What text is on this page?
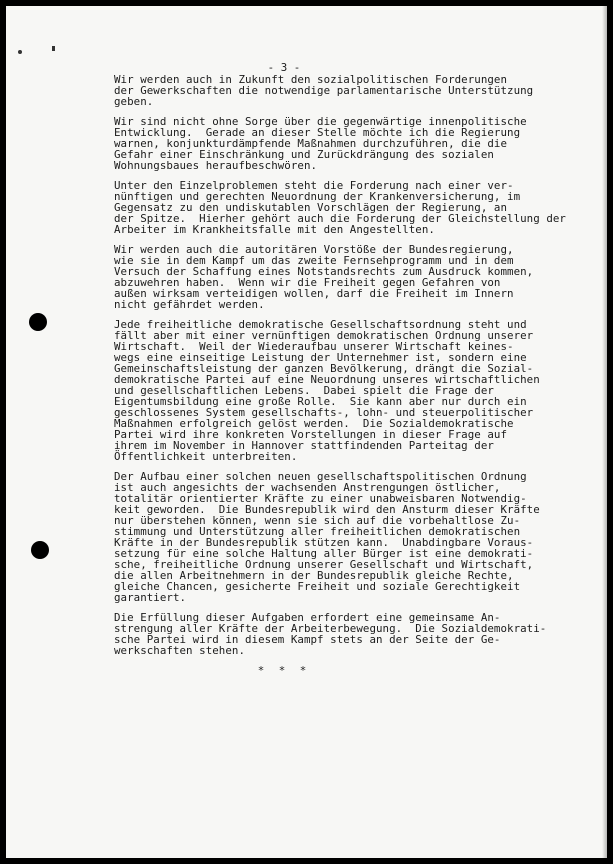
- 3 -

Wir werden auch in Zukunft den sozialpolitischen Forderungen
der Gewerkschaften die notwendige parlamentarische Unterstützung
geben.

Wir sind nicht ohne Sorge über die gegenwärtige innenpolitische
Entwicklung.  Gerade an dieser Stelle möchte ich die Regierung
warnen, konjunkturdämpfende Maßnahmen durchzuführen, die die
Gefahr einer Einschränkung und Zurückdrängung des sozialen
Wohnungsbaues heraufbeschwören.

Unter den Einzelproblemen steht die Forderung nach einer ver-
nünftigen und gerechten Neuordnung der Krankenversicherung, im
Gegensatz zu den undiskutablen Vorschlägen der Regierung, an
der Spitze.  Hierher gehört auch die Forderung der Gleichstellung der
Arbeiter im Krankheitsfalle mit den Angestellten.

Wir werden auch die autoritären Vorstöße der Bundesregierung,
wie sie in dem Kampf um das zweite Fernsehprogramm und in dem
Versuch der Schaffung eines Notstandsrechts zum Ausdruck kommen,
abzuwehren haben.  Wenn wir die Freiheit gegen Gefahren von
außen wirksam verteidigen wollen, darf die Freiheit im Innern
nicht gefährdet werden.

Jede freiheitliche demokratische Gesellschaftsordnung steht und
fällt aber mit einer vernünftigen demokratischen Ordnung unserer
Wirtschaft.  Weil der Wiederaufbau unserer Wirtschaft keines-
wegs eine einseitige Leistung der Unternehmer ist, sondern eine
Gemeinschaftsleistung der ganzen Bevölkerung, drängt die Sozial-
demokratische Partei auf eine Neuordnung unseres wirtschaftlichen
und gesellschaftlichen Lebens.  Dabei spielt die Frage der
Eigentumsbildung eine große Rolle.  Sie kann aber nur durch ein
geschlossenes System gesellschafts-, lohn- und steuerpolitischer
Maßnahmen erfolgreich gelöst werden.  Die Sozialdemokratische
Partei wird ihre konkreten Vorstellungen in dieser Frage auf
ihrem im November in Hannover stattfindenden Parteitag der
Öffentlichkeit unterbreiten.

Der Aufbau einer solchen neuen gesellschaftspolitischen Ordnung
ist auch angesichts der wachsenden Anstrengungen östlicher,
totalitär orientierter Kräfte zu einer unabweisbaren Notwendig-
keit geworden.  Die Bundesrepublik wird den Ansturm dieser Kräfte
nur überstehen können, wenn sie sich auf die vorbehaltlose Zu-
stimmung und Unterstützung aller freiheitlichen demokratischen
Kräfte in der Bundesrepublik stützen kann.  Unabdingbare Voraus-
setzung für eine solche Haltung aller Bürger ist eine demokrati-
sche, freiheitliche Ordnung unserer Gesellschaft und Wirtschaft,
die allen Arbeitnehmern in der Bundesrepublik gleiche Rechte,
gleiche Chancen, gesicherte Freiheit und soziale Gerechtigkeit
garantiert.

Die Erfüllung dieser Aufgaben erfordert eine gemeinsame An-
strengung aller Kräfte der Arbeiterbewegung.  Die Sozialdemokrati-
sche Partei wird in diesem Kampf stets an der Seite der Ge-
werkschaften stehen.

* * *
